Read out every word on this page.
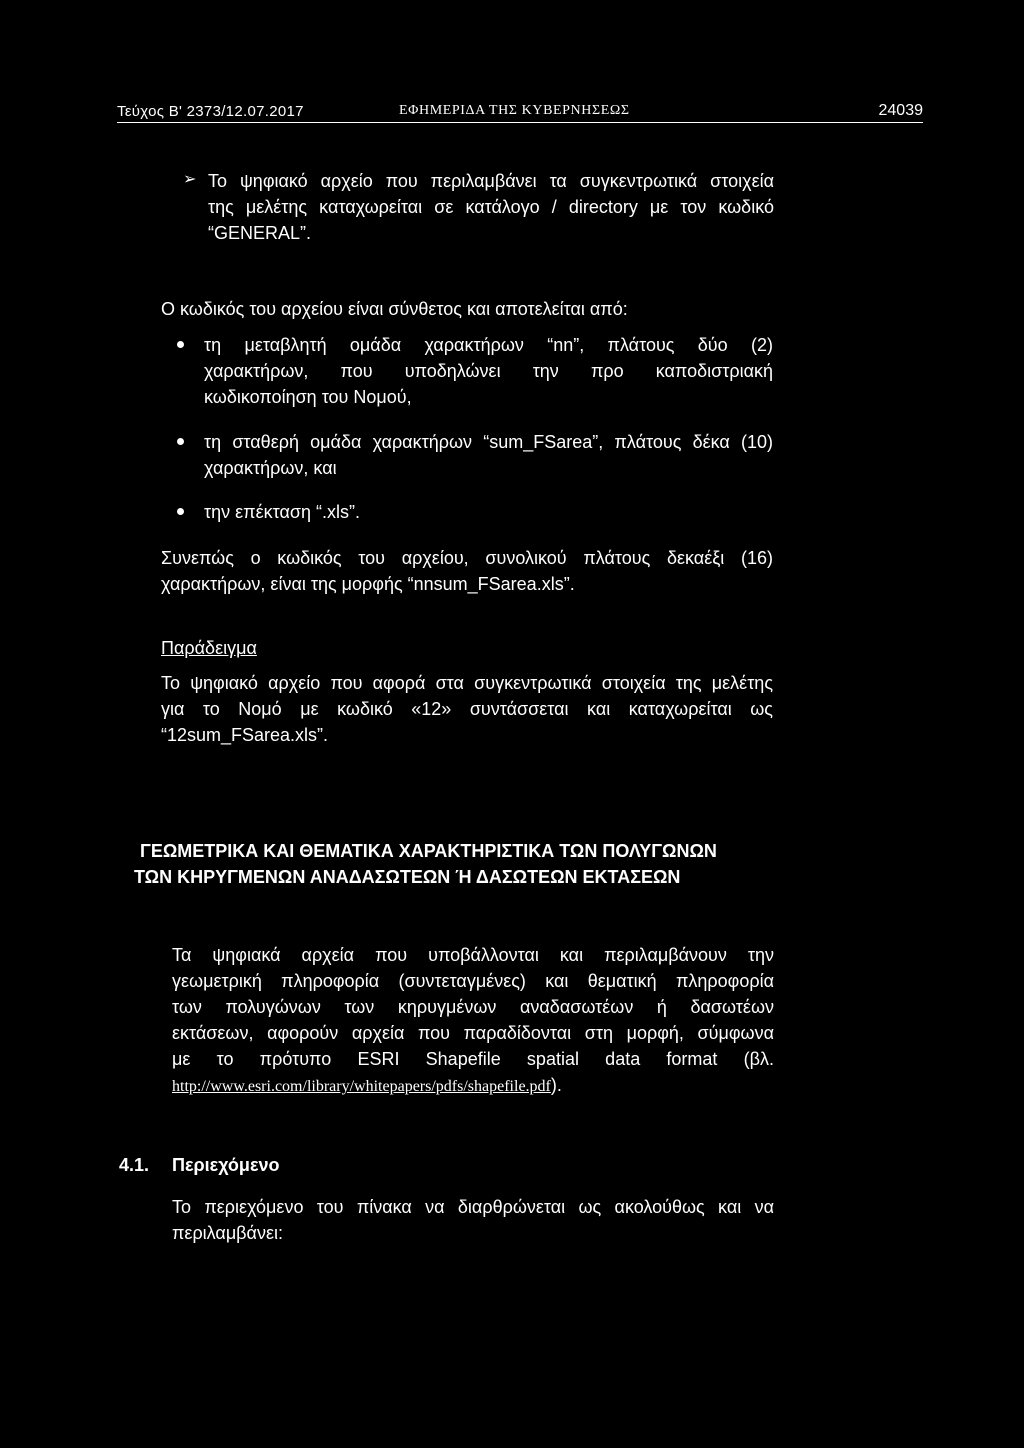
Τεύχος Β' 2373/12.07.2017	ΕΦΗΜΕΡΙΔΑ ΤΗΣ ΚΥΒΕΡΝΗΣΕΩΣ	24039
➢ Το ψηφιακό αρχείο που περιλαμβάνει τα συγκεντρωτικά στοιχεία
της μελέτης καταχωρείται σε κατάλογο / directory με τον κωδικό
“GENERAL”.
Ο κωδικός του αρχείου είναι σύνθετος και αποτελείται από:
τη μεταβλητή ομάδα χαρακτήρων “nn”, πλάτους δύο (2)
χαρακτήρων, που υποδηλώνει την προ καποδιστριακή
κωδικοποίηση του Νομού,
τη σταθερή ομάδα χαρακτήρων “sum_FSarea”, πλάτους δέκα (10)
χαρακτήρων, και
την επέκταση “.xls”.
Συνεπώς ο κωδικός του αρχείου, συνολικού πλάτους δεκαέξι (16)
χαρακτήρων, είναι της μορφής “nnsum_FSarea.xls”.
Παράδειγμα
Το ψηφιακό αρχείο που αφορά στα συγκεντρωτικά στοιχεία της μελέτης
για το Νομό με κωδικό «12» συντάσσεται και καταχωρείται ως
“12sum_FSarea.xls”.
ΓΕΩΜΕΤΡΙΚΑ ΚΑΙ ΘΕΜΑΤΙΚΑ ΧΑΡΑΚΤΗΡΙΣΤΙΚΑ ΤΩΝ ΠΟΛΥΓΩΝΩΝ
ΤΩΝ ΚΗΡΥΓΜΕΝΩΝ ΑΝΑΔΑΣΩΤΕΩΝ Ή ΔΑΣΩΤΕΩΝ ΕΚΤΑΣΕΩΝ
Τα ψηφιακά αρχεία που υποβάλλονται και περιλαμβάνουν την
γεωμετρική πληροφορία (συντεταγμένες) και θεματική πληροφορία
των πολυγώνων των κηρυγμένων αναδασωτέων ή δασωτέων
εκτάσεων, αφορούν αρχεία που παραδίδονται στη μορφή, σύμφωνα
με το πρότυπο ESRI Shapefile spatial data format (βλ.
http://www.esri.com/library/whitepapers/pdfs/shapefile.pdf).
4.1. Περιεχόμενο
Το περιεχόμενο του πίνακα να διαρθρώνεται ως ακολούθως και να
περιλαμβάνει:
